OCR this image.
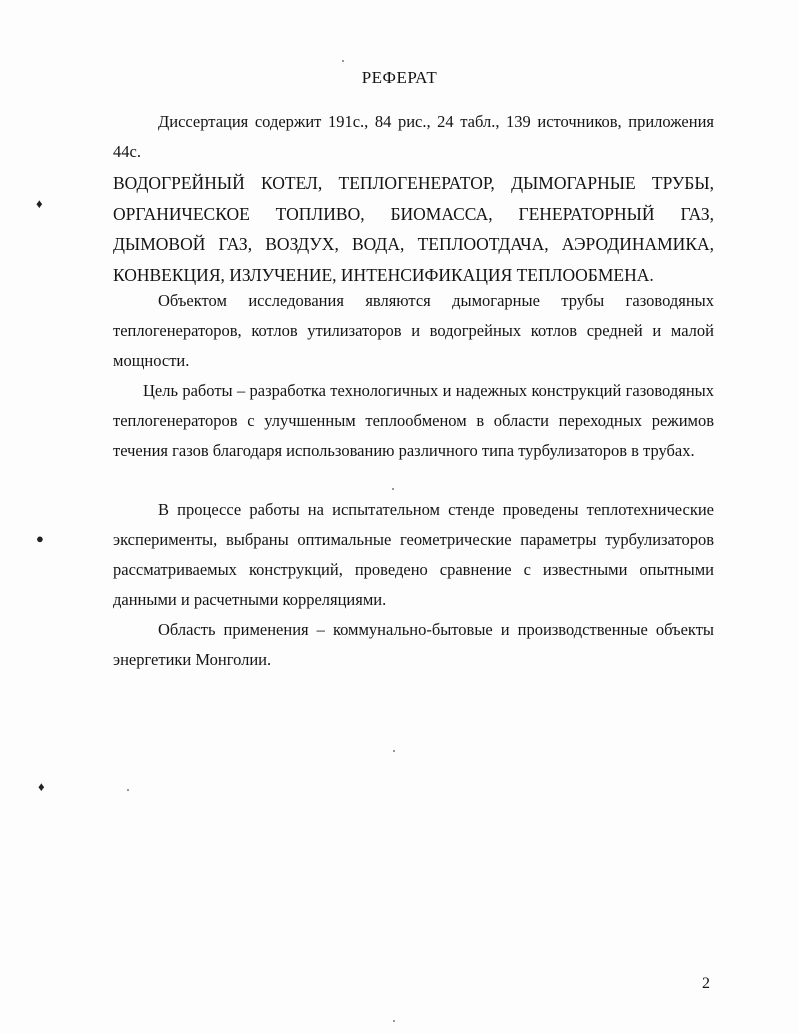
РЕФЕРАТ
Диссертация содержит 191с., 84 рис., 24 табл., 139 источников, приложения 44с.
ВОДОГРЕЙНЫЙ КОТЕЛ, ТЕПЛОГЕНЕРАТОР, ДЫМОГАРНЫЕ ТРУБЫ, ОРГАНИЧЕСКОЕ ТОПЛИВО, БИОМАССА, ГЕНЕРАТОРНЫЙ ГАЗ, ДЫМОВОЙ ГАЗ, ВОЗДУХ, ВОДА, ТЕПЛООТДАЧА, АЭРОДИНАМИКА, КОНВЕКЦИЯ, ИЗЛУЧЕНИЕ, ИНТЕНСИФИКАЦИЯ ТЕПЛООБМЕНА.
Объектом исследования являются дымогарные трубы газоводяных теплогенераторов, котлов утилизаторов и водогрейных котлов средней и малой мощности.
Цель работы – разработка технологичных и надежных конструкций газоводяных теплогенераторов с улучшенным теплообменом в области переходных режимов течения газов благодаря использованию различного типа турбулизаторов в трубах.
В процессе работы на испытательном стенде проведены теплотехнические эксперименты, выбраны оптимальные геометрические параметры турбулизаторов рассматриваемых конструкций, проведено сравнение с известными опытными данными и расчетными корреляциями.
Область применения – коммунально-бытовые и производственные объекты энергетики Монголии.
♦
●
♦
2
